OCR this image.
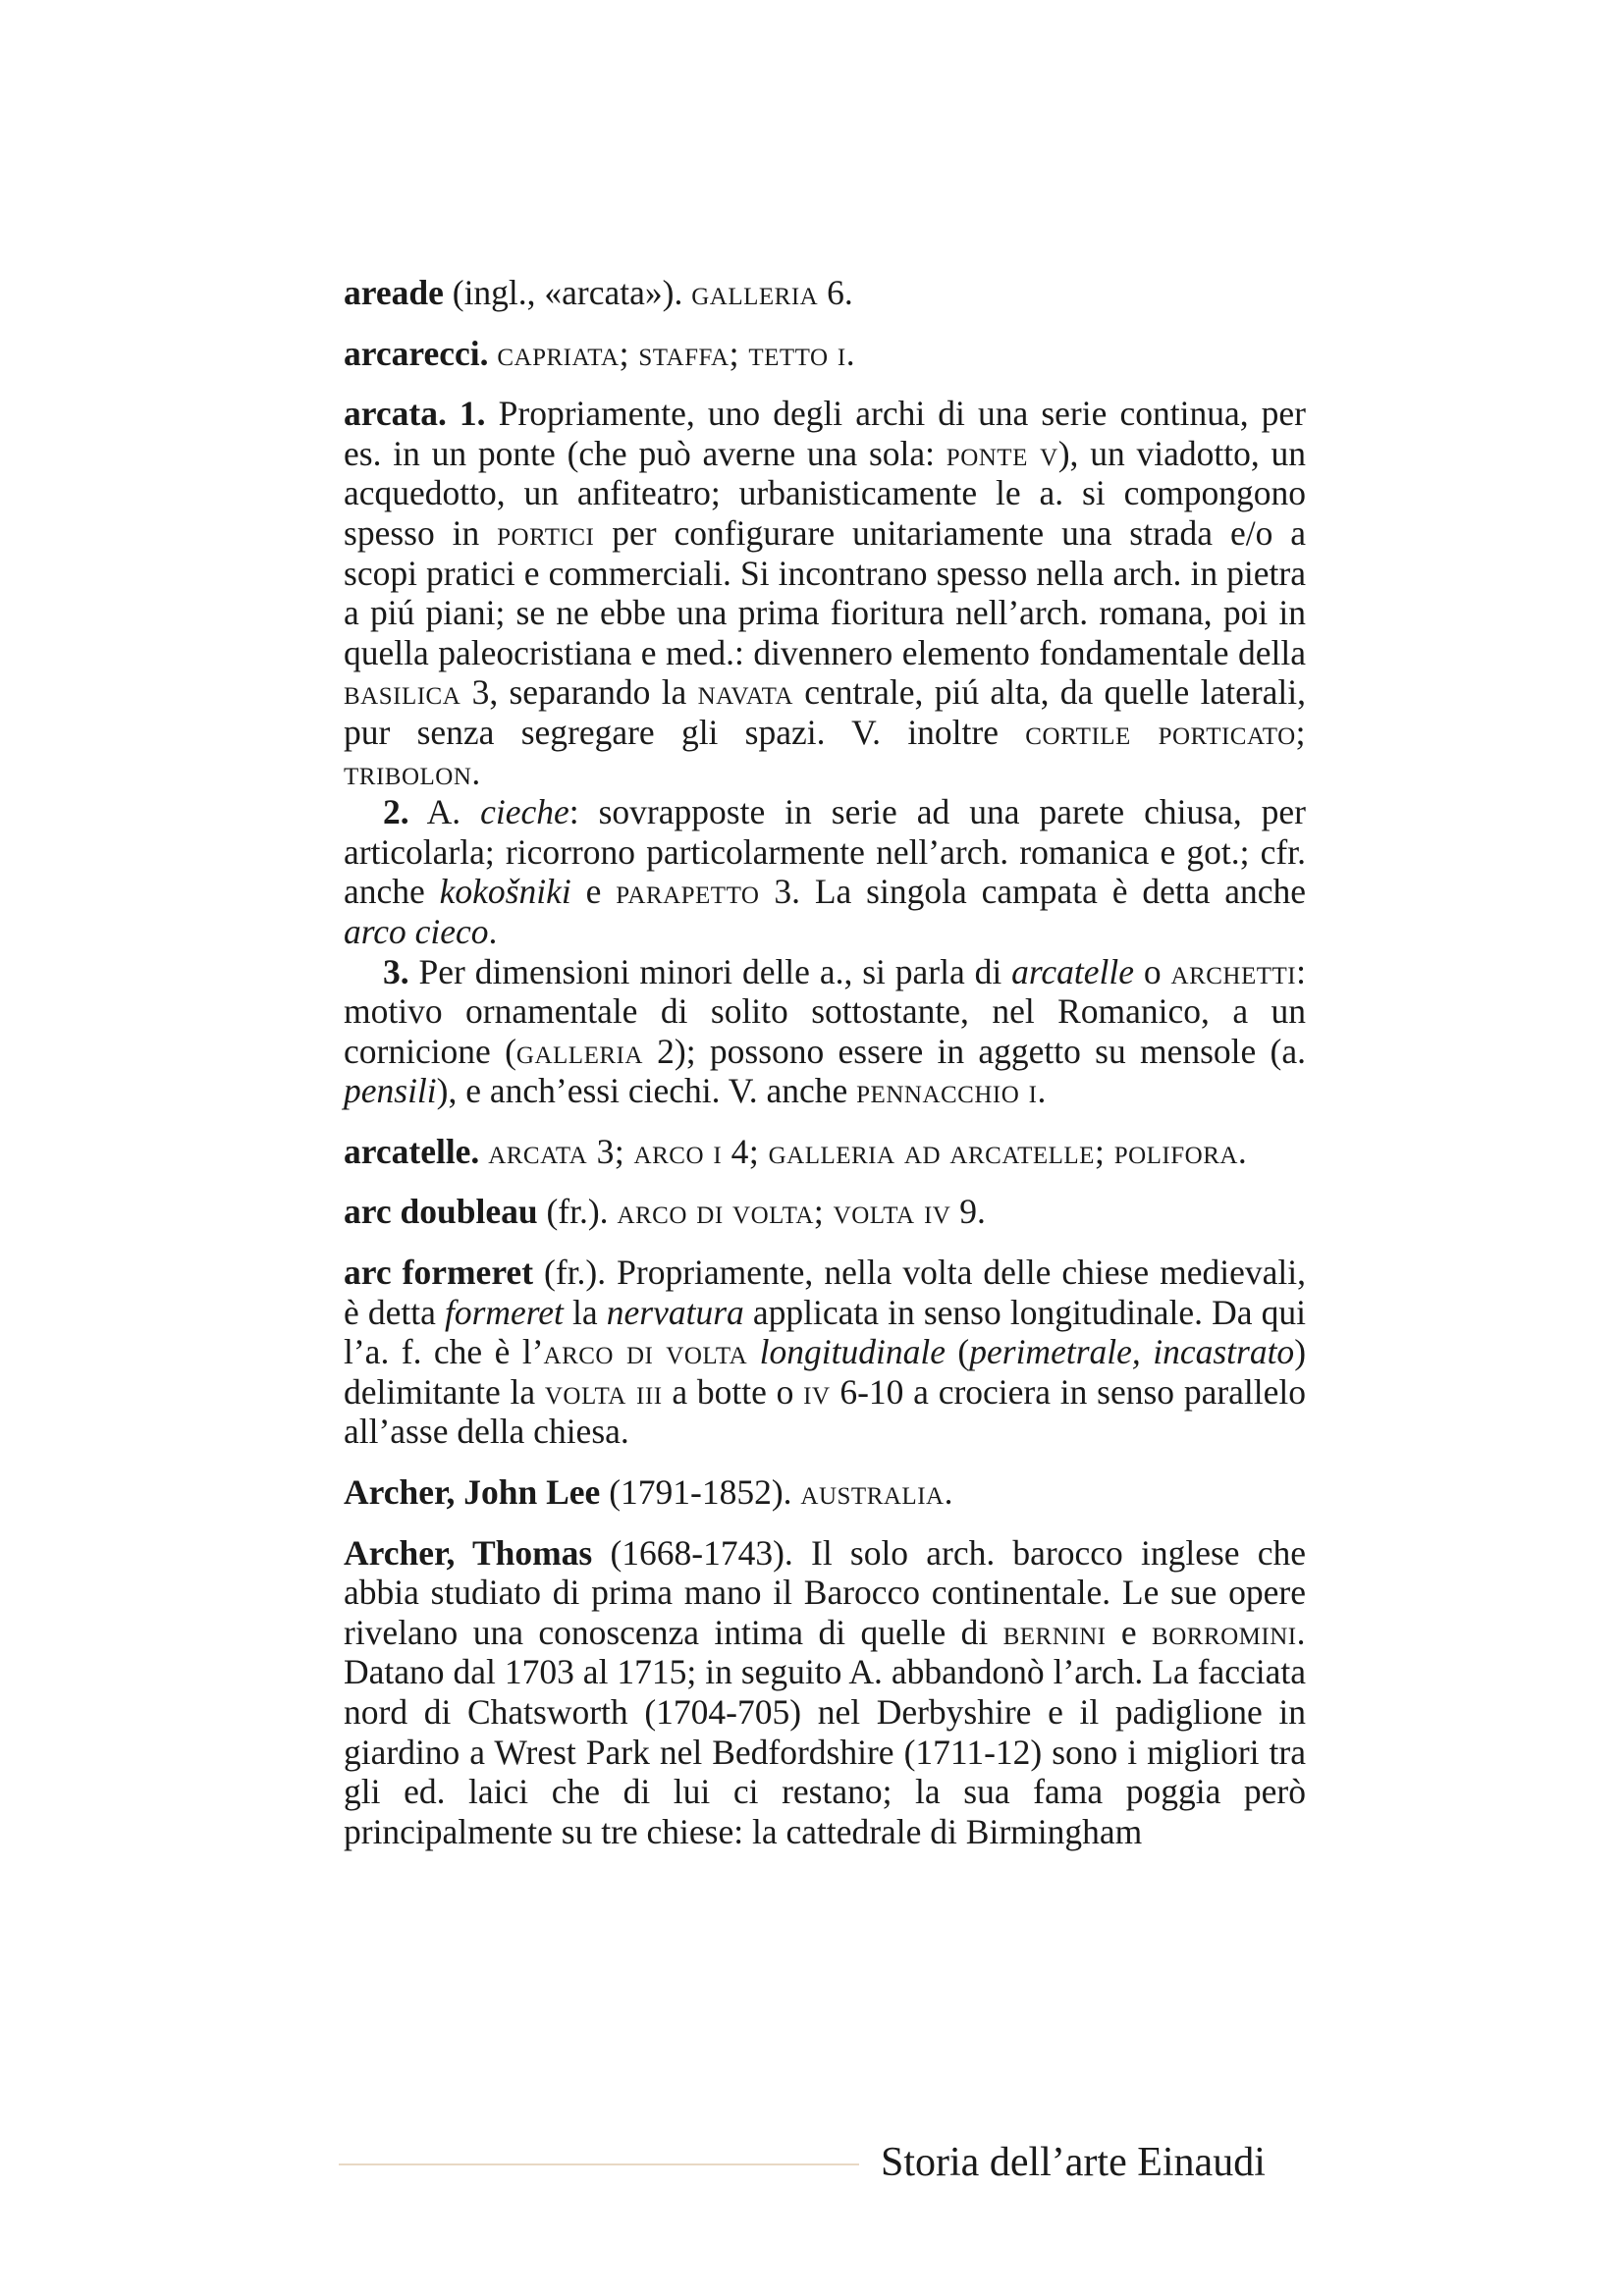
areade (ingl., «arcata»). galleria 6.

arcarecci. capriata; staffa; tetto i.

arcata. 1. Propriamente, uno degli archi di una serie continua, per es. in un ponte (che può averne una sola: ponte v), un viadotto, un acquedotto, un anfiteatro; urbanisticamente le a. si compongono spesso in portici per configurare unitariamente una strada e/o a scopi pratici e commerciali. Si incontrano spesso nella arch. in pietra a piú piani; se ne ebbe una prima fioritura nell’arch. romana, poi in quella paleocristiana e med.: divennero elemento fondamentale della basilica 3, separando la navata centrale, piú alta, da quelle laterali, pur senza segregare gli spazi. V. inoltre cortile porticato; tribolon.

2. A. cieche: sovrapposte in serie ad una parete chiusa, per articolarla; ricorrono particolarmente nell’arch. romanica e got.; cfr. anche kokošniki e parapetto 3. La singola campata è detta anche arco cieco.

3. Per dimensioni minori delle a., si parla di arcatelle o archetti: motivo ornamentale di solito sottostante, nel Romanico, a un cornicione (galleria 2); possono essere in aggetto su mensole (a. pensili), e anch’essi ciechi. V. anche pennacchio i.

arcatelle. arcata 3; arco i 4; galleria ad arcatelle; polifora.

arc doubleau (fr.). arco di volta; volta iv 9.

arc formeret (fr.). Propriamente, nella volta delle chiese medievali, è detta formeret la nervatura applicata in senso longitudinale. Da qui l’a. f. che è l’arco di volta longitudinale (perimetrale, incastrato) delimitante la volta iii a botte o iv 6-10 a crociera in senso parallelo all’asse della chiesa.

Archer, John Lee (1791-1852). australia.

Archer, Thomas (1668-1743). Il solo arch. barocco inglese che abbia studiato di prima mano il Barocco continentale. Le sue opere rivelano una conoscenza intima di quelle di bernini e borromini. Datano dal 1703 al 1715; in seguito A. abbandonò l’arch. La facciata nord di Chatsworth (1704-705) nel Derbyshire e il padiglione in giardino a Wrest Park nel Bedfordshire (1711-12) sono i migliori tra gli ed. laici che di lui ci restano; la sua fama poggia però principalmente su tre chiese: la cattedrale di Birmingham

Storia dell’arte Einaudi
